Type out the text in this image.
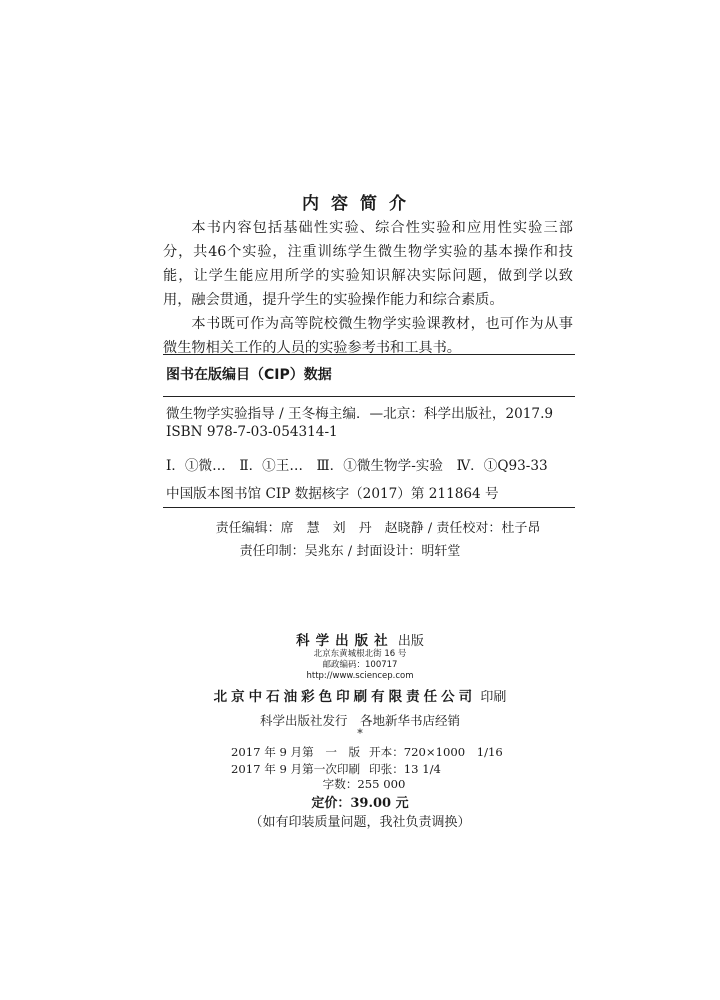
内容简介

本书内容包括基础性实验、综合性实验和应用性实验三部分，共46个实验，注重训练学生微生物学实验的基本操作和技能，让学生能应用所学的实验知识解决实际问题，做到学以致用，融会贯通，提升学生的实验操作能力和综合素质。

本书既可作为高等院校微生物学实验课教材，也可作为从事微生物相关工作的人员的实验参考书和工具书。

图书在版编目（CIP）数据

微生物学实验指导 / 王冬梅主编．—北京：科学出版社，2017.9

ISBN 978-7-03-054314-1

Ⅰ．①微…　Ⅱ．①王…　Ⅲ．①微生物学-实验　Ⅳ．①Q93-33

中国版本图书馆 CIP 数据核字（2017）第 211864 号

责任编辑：席　慧　刘　丹　赵晓静 / 责任校对：杜子昂

责任印制：吴兆东 / 封面设计：明轩堂

科学出版社 出版

北京东黄城根北街 16 号

邮政编码：100717

http://www.sciencep.com

北京中石油彩色印刷有限责任公司 印刷

科学出版社发行　各地新华书店经销

*

2017 年 9 月第　一　版 开本：720×1000　1/16

2017 年 9 月第一次印刷 印张：13 1/4

字数：255 000

定价：39.00 元

（如有印装质量问题，我社负责调换）
